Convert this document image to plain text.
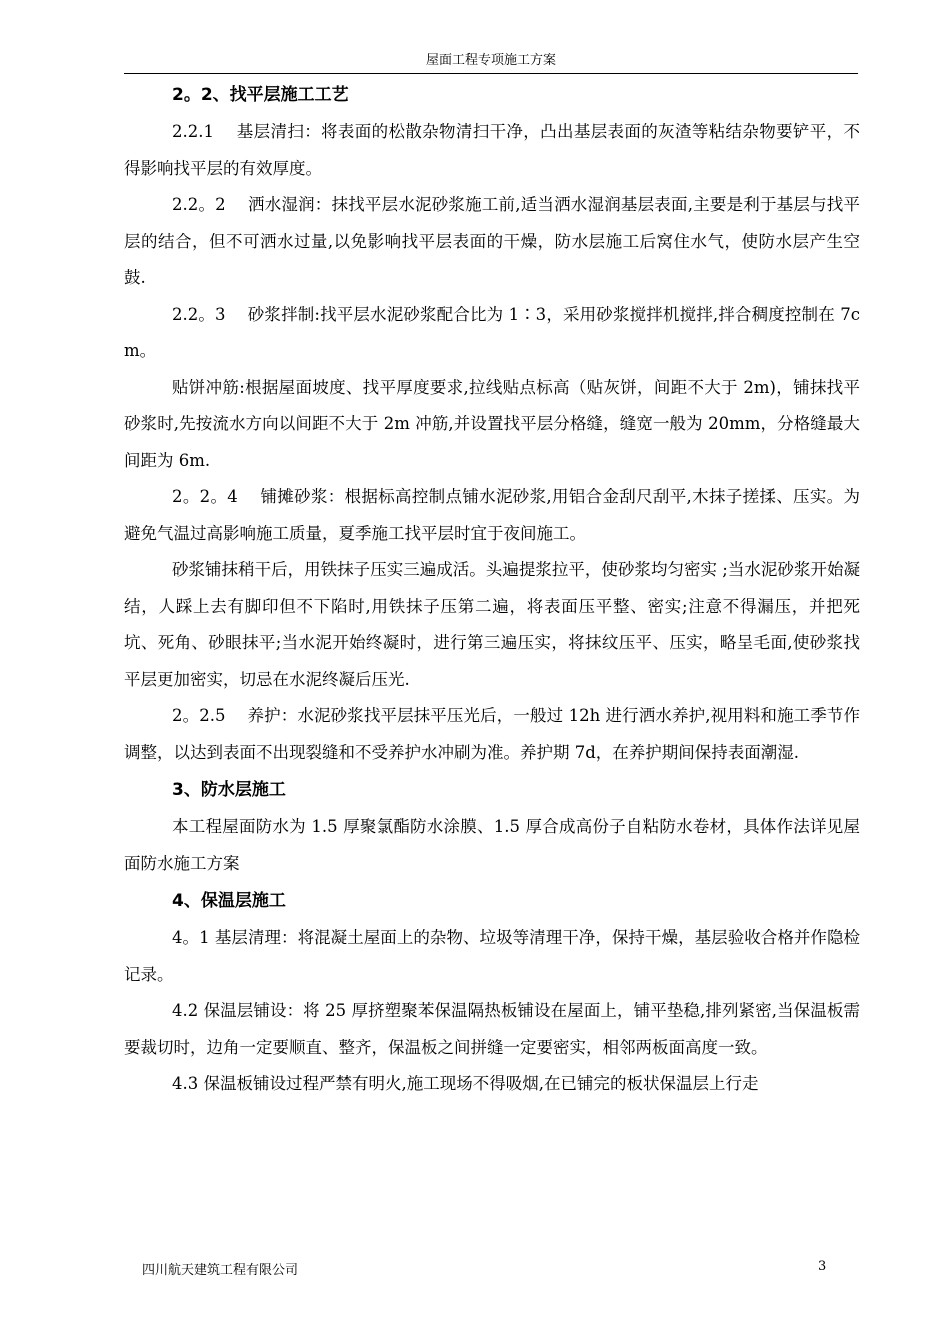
屋面工程专项施工方案

2。2、找平层施工工艺

2.2.1　 基层清扫：将表面的松散杂物清扫干净，凸出基层表面的灰渣等粘结杂物要铲平，不得影响找平层的有效厚度。

2.2。2　 洒水湿润：抹找平层水泥砂浆施工前,适当洒水湿润基层表面,主要是利于基层与找平层的结合，但不可洒水过量,以免影响找平层表面的干燥，防水层施工后窝住水气，使防水层产生空鼓.

2.2。3　 砂浆拌制:找平层水泥砂浆配合比为 1∶3，采用砂浆搅拌机搅拌,拌合稠度控制在 7cm。

贴饼冲筋:根据屋面坡度、找平厚度要求,拉线贴点标高（贴灰饼，间距不大于 2m)，铺抹找平砂浆时,先按流水方向以间距不大于 2m 冲筋,并设置找平层分格缝，缝宽一般为 20mm，分格缝最大间距为 6m.

2。2。4　 铺摊砂浆：根据标高控制点铺水泥砂浆,用铝合金刮尺刮平,木抹子搓揉、压实。为避免气温过高影响施工质量，夏季施工找平层时宜于夜间施工。

砂浆铺抹稍干后，用铁抹子压实三遍成活。头遍提浆拉平，使砂浆均匀密实 ;当水泥砂浆开始凝结，人踩上去有脚印但不下陷时,用铁抹子压第二遍，将表面压平整、密实;注意不得漏压，并把死坑、死角、砂眼抹平;当水泥开始终凝时，进行第三遍压实，将抹纹压平、压实，略呈毛面,使砂浆找平层更加密实，切忌在水泥终凝后压光.

2。2.5　 养护：水泥砂浆找平层抹平压光后，一般过 12h 进行洒水养护,视用料和施工季节作调整，以达到表面不出现裂缝和不受养护水冲刷为准。养护期 7d，在养护期间保持表面潮湿.

3、防水层施工

本工程屋面防水为 1.5 厚聚氯酯防水涂膜、1.5 厚合成高份子自粘防水卷材，具体作法详见屋面防水施工方案

4、保温层施工

4。1 基层清理：将混凝土屋面上的杂物、垃圾等清理干净，保持干燥，基层验收合格并作隐检记录。

4.2 保温层铺设：将 25 厚挤塑聚苯保温隔热板铺设在屋面上，铺平垫稳,排列紧密,当保温板需要裁切时，边角一定要顺直、整齐，保温板之间拼缝一定要密实，相邻两板面高度一致。

4.3 保温板铺设过程严禁有明火,施工现场不得吸烟,在已铺完的板状保温层上行走

四川航天建筑工程有限公司	3
